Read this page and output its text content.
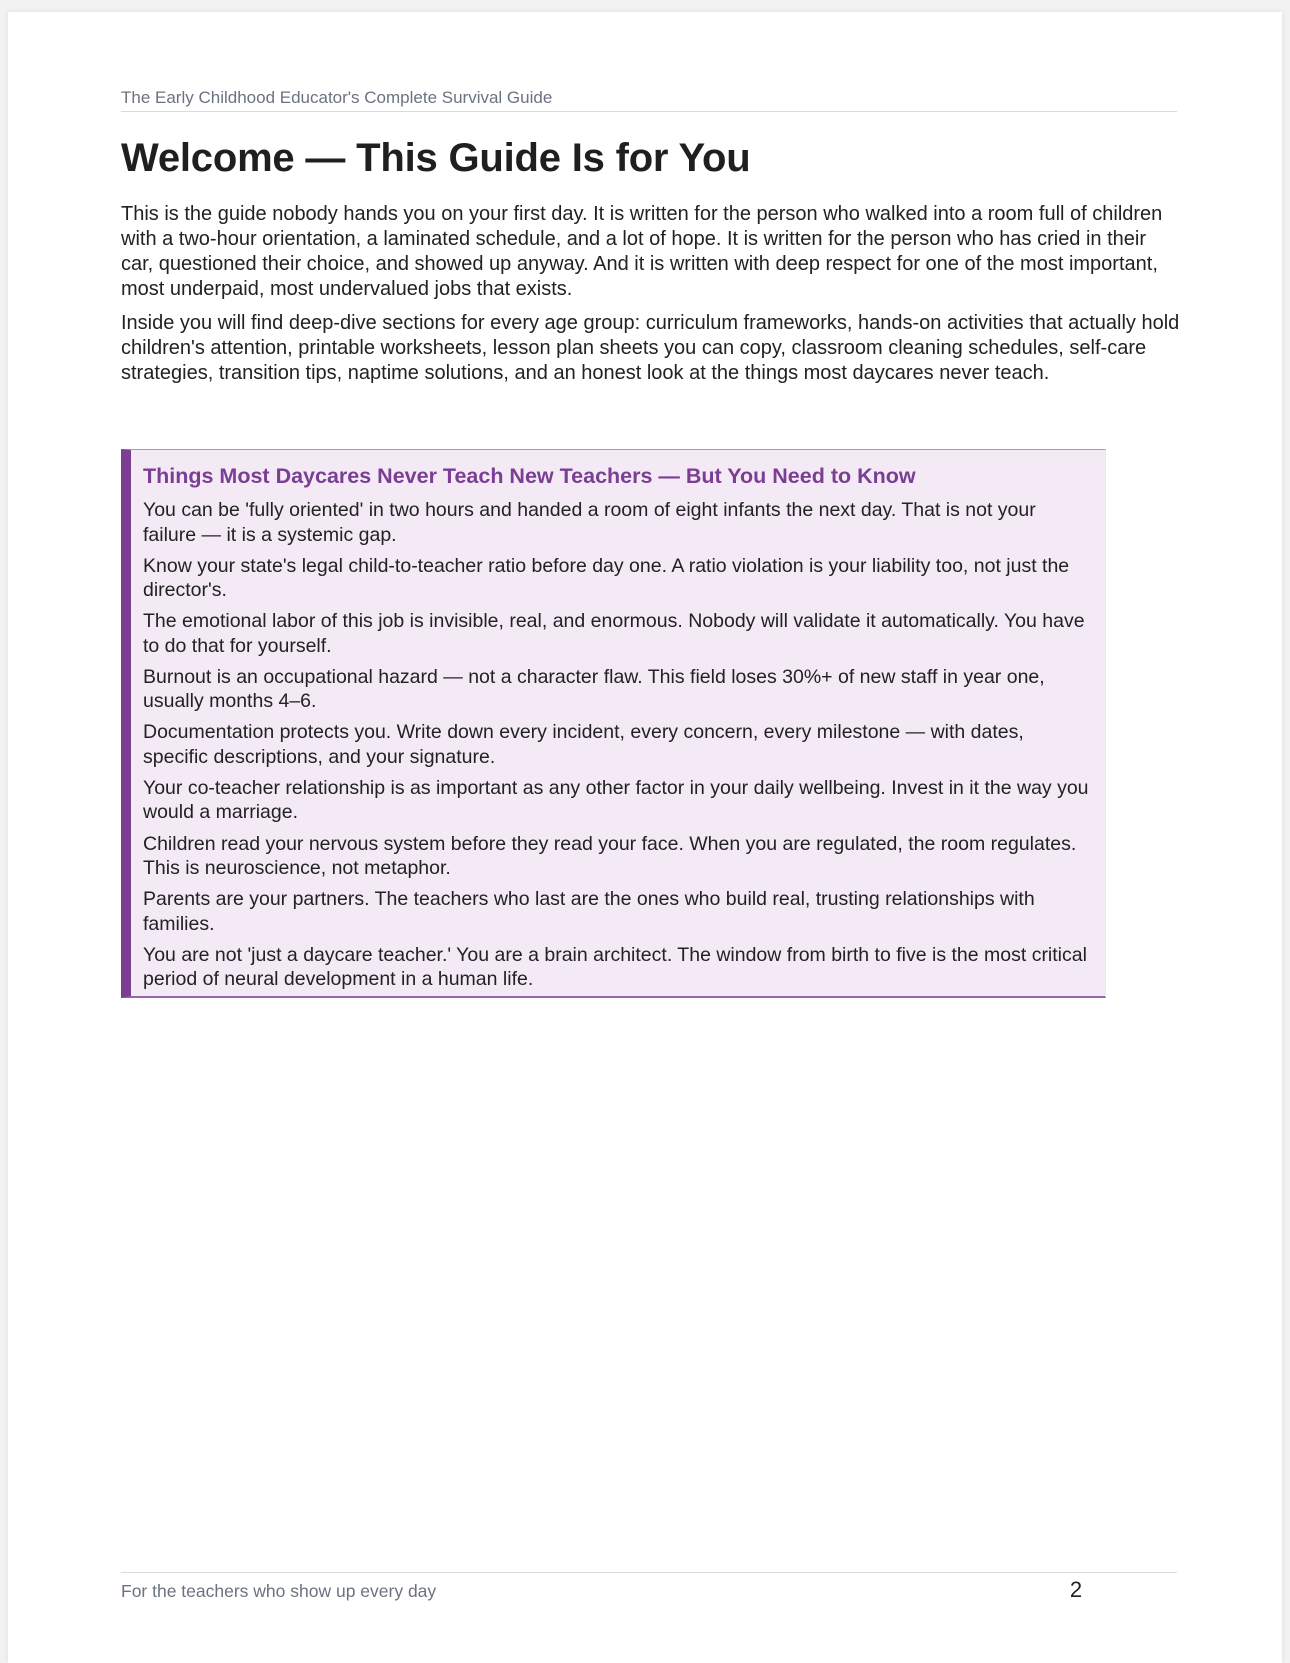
The Early Childhood Educator's Complete Survival Guide
Welcome — This Guide Is for You

This is the guide nobody hands you on your first day. It is written for the person who walked into a room full of children with a two-hour orientation, a laminated schedule, and a lot of hope. It is written for the person who has cried in their car, questioned their choice, and showed up anyway. And it is written with deep respect for one of the most important, most underpaid, most undervalued jobs that exists.

Inside you will find deep-dive sections for every age group: curriculum frameworks, hands-on activities that actually hold children's attention, printable worksheets, lesson plan sheets you can copy, classroom cleaning schedules, self-care strategies, transition tips, naptime solutions, and an honest look at the things most daycares never teach.

Things Most Daycares Never Teach New Teachers — But You Need to Know
You can be 'fully oriented' in two hours and handed a room of eight infants the next day. That is not your failure — it is a systemic gap.
Know your state's legal child-to-teacher ratio before day one. A ratio violation is your liability too, not just the director's.
The emotional labor of this job is invisible, real, and enormous. Nobody will validate it automatically. You have to do that for yourself.
Burnout is an occupational hazard — not a character flaw. This field loses 30%+ of new staff in year one, usually months 4–6.
Documentation protects you. Write down every incident, every concern, every milestone — with dates, specific descriptions, and your signature.
Your co-teacher relationship is as important as any other factor in your daily wellbeing. Invest in it the way you would a marriage.
Children read your nervous system before they read your face. When you are regulated, the room regulates. This is neuroscience, not metaphor.
Parents are your partners. The teachers who last are the ones who build real, trusting relationships with families.
You are not 'just a daycare teacher.' You are a brain architect. The window from birth to five is the most critical period of neural development in a human life.
For the teachers who show up every day	2
